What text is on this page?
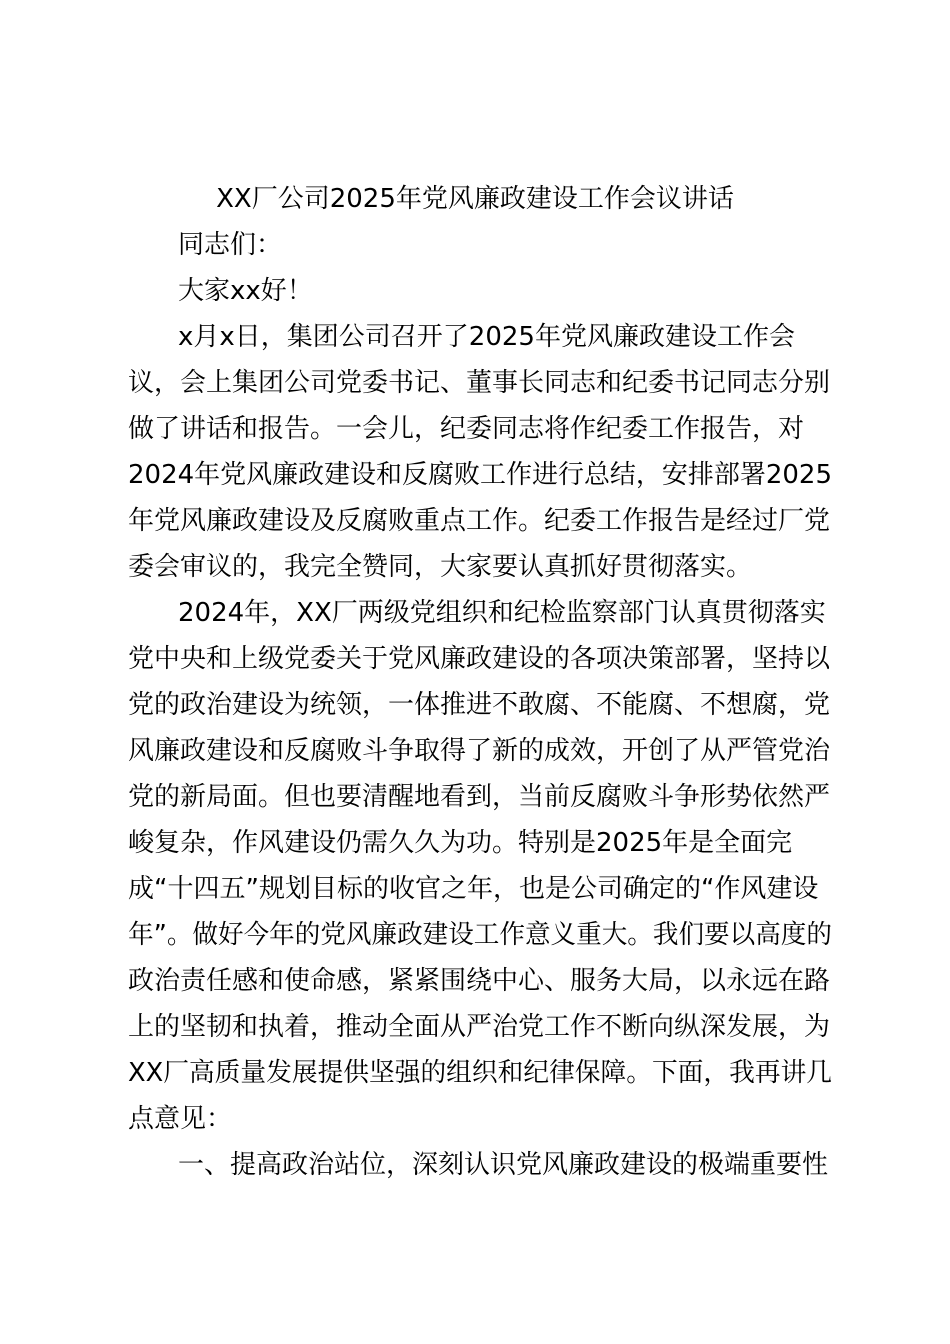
XX厂公司2025年党风廉政建设工作会议讲话
同志们：
大家xx好！
x月x日，集团公司召开了2025年党风廉政建设工作会
议，会上集团公司党委书记、董事长同志和纪委书记同志分别
做了讲话和报告。一会儿，纪委同志将作纪委工作报告，对
2024年党风廉政建设和反腐败工作进行总结，安排部署2025
年党风廉政建设及反腐败重点工作。纪委工作报告是经过厂党
委会审议的，我完全赞同，大家要认真抓好贯彻落实。
2024年，XX厂两级党组织和纪检监察部门认真贯彻落实
党中央和上级党委关于党风廉政建设的各项决策部署，坚持以
党的政治建设为统领，一体推进不敢腐、不能腐、不想腐，党
风廉政建设和反腐败斗争取得了新的成效，开创了从严管党治
党的新局面。但也要清醒地看到，当前反腐败斗争形势依然严
峻复杂，作风建设仍需久久为功。特别是2025年是全面完
成“十四五”规划目标的收官之年，也是公司确定的“作风建设
年”。做好今年的党风廉政建设工作意义重大。我们要以高度的
政治责任感和使命感，紧紧围绕中心、服务大局，以永远在路
上的坚韧和执着，推动全面从严治党工作不断向纵深发展，为
XX厂高质量发展提供坚强的组织和纪律保障。下面，我再讲几
点意见：
一、提高政治站位，深刻认识党风廉政建设的极端重要性
